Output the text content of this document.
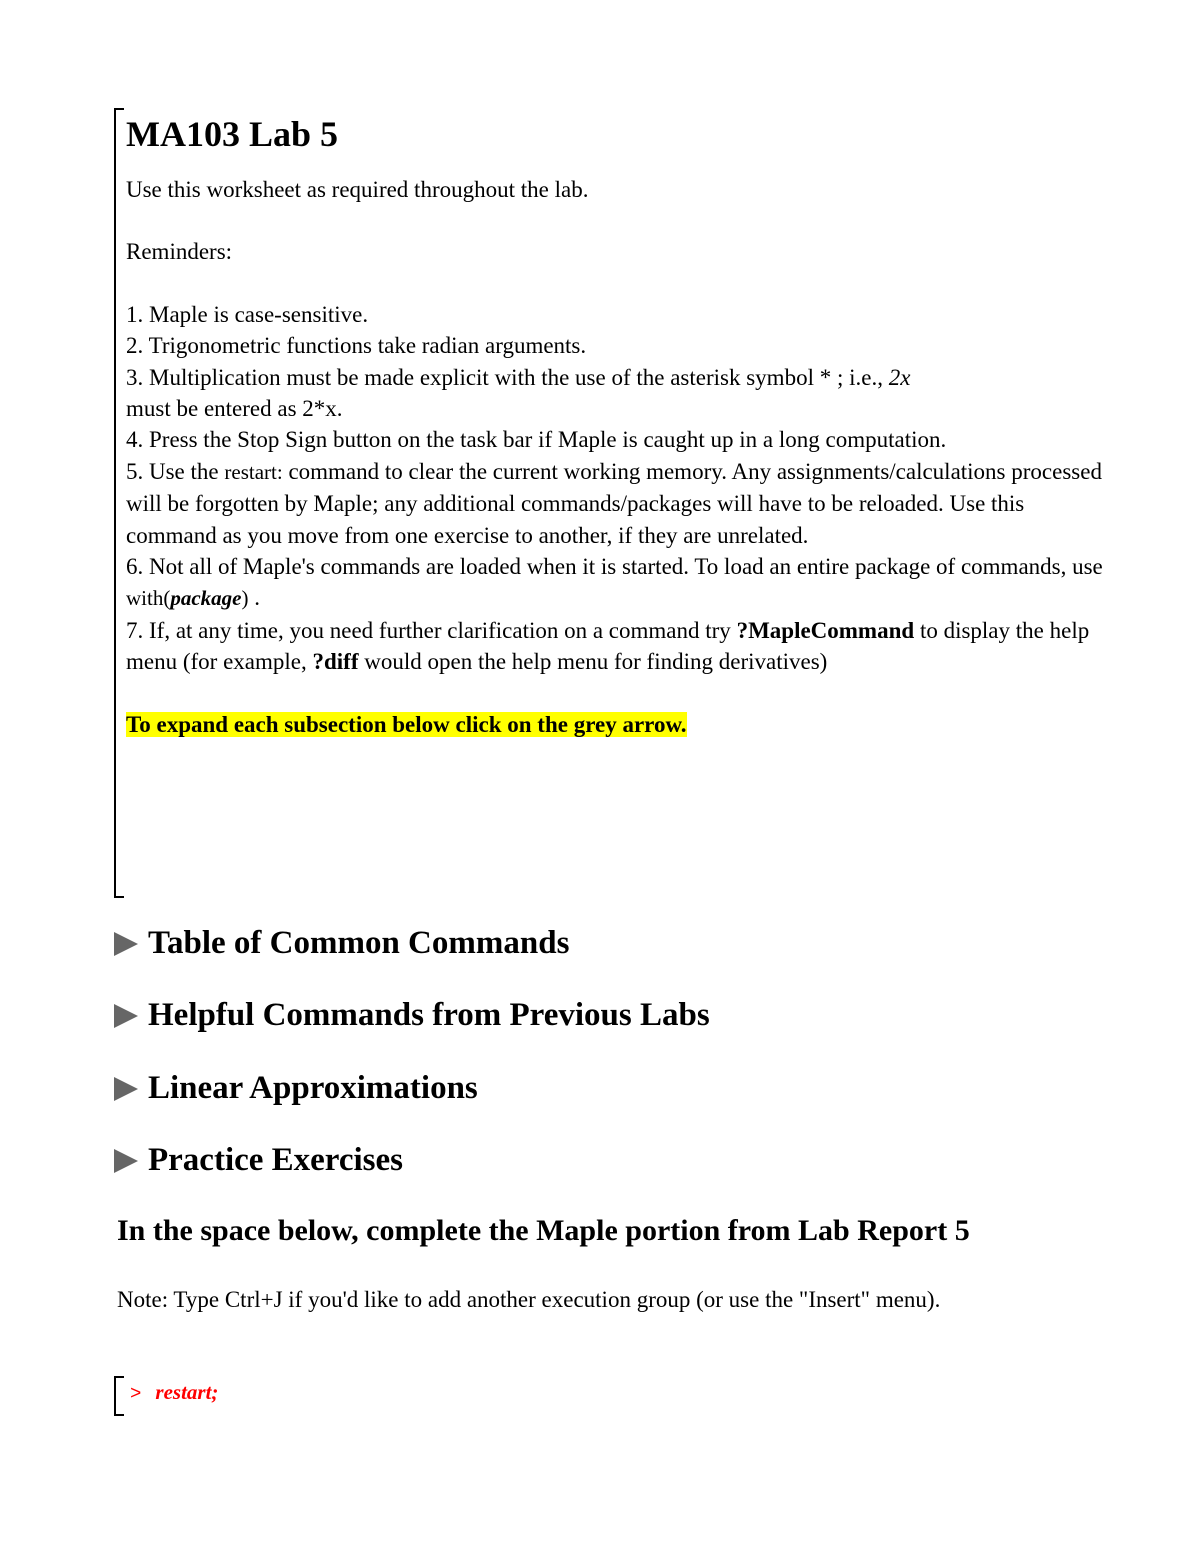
MA103 Lab 5

Use this worksheet as required throughout the lab.

Reminders:

1. Maple is case-sensitive.

2. Trigonometric functions take radian arguments.

3. Multiplication must be made explicit with the use of the asterisk symbol * ; i.e., 2x
must be entered as 2*x.

4. Press the Stop Sign button on the task bar if Maple is caught up in a long computation.

5. Use the restart: command to clear the current working memory. Any assignments/calculations processed will be forgotten by Maple; any additional commands/packages will have to be reloaded. Use this command as you move from one exercise to another, if they are unrelated.

6. Not all of Maple's commands are loaded when it is started. To load an entire package of commands, use with(package) .

7. If, at any time, you need further clarification on a command try ?MapleCommand to display the help menu (for example, ?diff would open the help menu for finding derivatives)

To expand each subsection below click on the grey arrow.

Table of Common Commands
Helpful Commands from Previous Labs
Linear Approximations
Practice Exercises
In the space below, complete the Maple portion from Lab Report 5

Note: Type Ctrl+J if you'd like to add another execution group (or use the "Insert" menu).

> restart;
